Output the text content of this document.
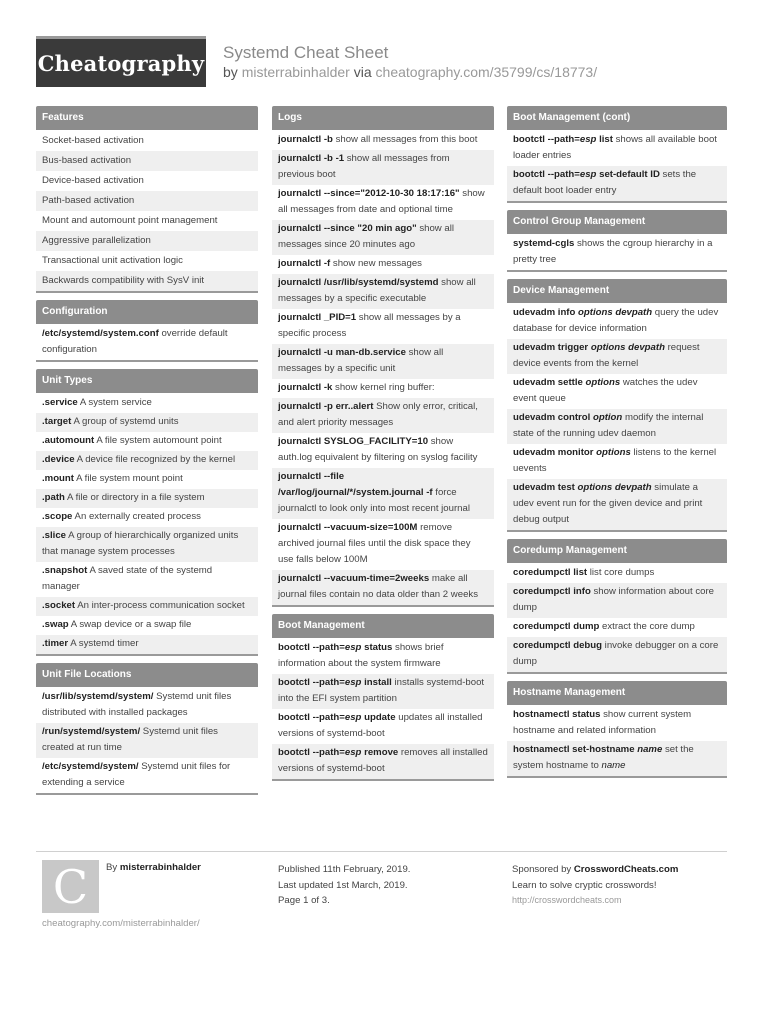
Cheatography Systemd Cheat Sheet
by misterrabinhalder via cheatography.com/35799/cs/18773/
Features
Socket-based activation
Bus-based activation
Device-based activation
Path-based activation
Mount and automount point management
Aggressive parallelization
Transactional unit activation logic
Backwards compatibility with SysV init
Configuration
/etc/systemd/system.conf override default configuration
Unit Types
.service A system service
.target A group of systemd units
.automount A file system automount point
.device A device file recognized by the kernel
.mount A file system mount point
.path A file or directory in a file system
.scope An externally created process
.slice A group of hierarchically organized units that manage system processes
.snapshot A saved state of the systemd manager
.socket An inter-process communication socket
.swap A swap device or a swap file
.timer A systemd timer
Unit File Locations
/usr/lib/systemd/system/ Systemd unit files distributed with installed packages
/run/systemd/system/ Systemd unit files created at run time
/etc/systemd/system/ Systemd unit files for extending a service
Logs
journalctl -b show all messages from this boot
journalctl -b -1 show all messages from previous boot
journalctl --since="2012-10-30 18:17:16" show all messages from date and optional time
journalctl --since "20 min ago" show all messages since 20 minutes ago
journalctl -f show new messages
journalctl /usr/lib/systemd/systemd show all messages by a specific executable
journalctl _PID=1 show all messages by a specific process
journalctl -u man-db.service show all messages by a specific unit
journalctl -k show kernel ring buffer:
journalctl -p err..alert Show only error, critical, and alert priority messages
journalctl SYSLOG_FACILITY=10 show auth.log equivalent by filtering on syslog facility
journalctl --file /var/log/journal/*/system.journal -f force journalctl to look only into most recent journal
journalctl --vacuum-size=100M remove archived journal files until the disk space they use falls below 100M
journalctl --vacuum-time=2weeks make all journal files contain no data older than 2 weeks
Boot Management
bootctl --path=esp status shows brief information about the system firmware
bootctl --path=esp install installs systemd-boot into the EFI system partition
bootctl --path=esp update updates all installed versions of systemd-boot
bootctl --path=esp remove removes all installed versions of systemd-boot
Boot Management (cont)
bootctl --path=esp list shows all available boot loader entries
bootctl --path=esp set-default ID sets the default boot loader entry
Control Group Management
systemd-cgls shows the cgroup hierarchy in a pretty tree
Device Management
udevadm info options devpath query the udev database for device information
udevadm trigger options devpath request device events from the kernel
udevadm settle options watches the udev event queue
udevadm control option modify the internal state of the running udev daemon
udevadm monitor options listens to the kernel uevents
udevadm test options devpath simulate a udev event run for the given device and print debug output
Coredump Management
coredumpctl list list core dumps
coredumpctl info show information about core dump
coredumpctl dump extract the core dump
coredumpctl debug invoke debugger on a core dump
Hostname Management
hostnamectl status show current system hostname and related information
hostnamectl set-hostname name set the system hostname to name
C By misterrabinhalder
cheatography.com/misterrabinhalder/
Published 11th February, 2019.
Last updated 1st March, 2019.
Page 1 of 3.
Sponsored by CrosswordCheats.com
Learn to solve cryptic crosswords!
http://crosswordcheats.com
